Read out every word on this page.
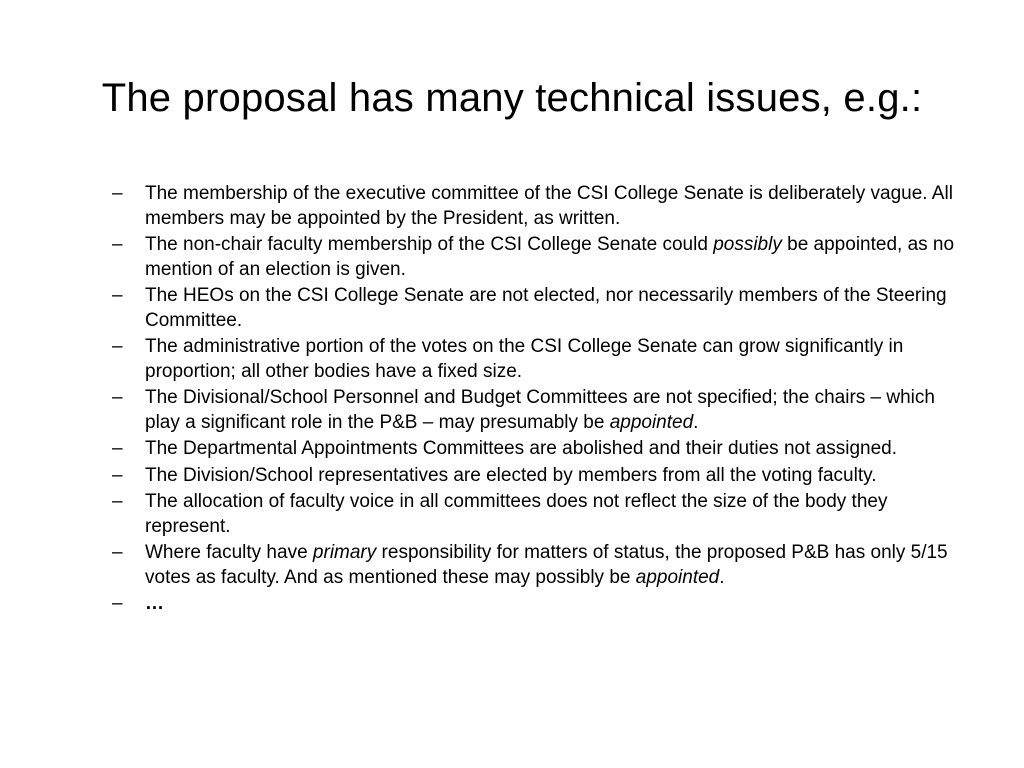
The proposal has many technical issues, e.g.:
– The membership of the executive committee of the CSI College Senate is deliberately vague. All members may be appointed by the President, as written.
– The non-chair faculty membership of the CSI College Senate could possibly be appointed, as no mention of an election is given.
– The HEOs on the CSI College Senate are not elected, nor necessarily members of the Steering Committee.
– The administrative portion of the votes on the CSI College Senate can grow significantly in proportion; all other bodies have a fixed size.
– The Divisional/School Personnel and Budget Committees are not specified; the chairs – which play a significant role in the P&B – may presumably be appointed.
– The Departmental Appointments Committees are abolished and their duties not assigned.
– The Division/School representatives are elected by members from all the voting faculty.
– The allocation of faculty voice in all committees does not reflect the size of the body they represent.
– Where faculty have primary responsibility for matters of status, the proposed P&B has only 5/15 votes as faculty. And as mentioned these may possibly be appointed.
– …
